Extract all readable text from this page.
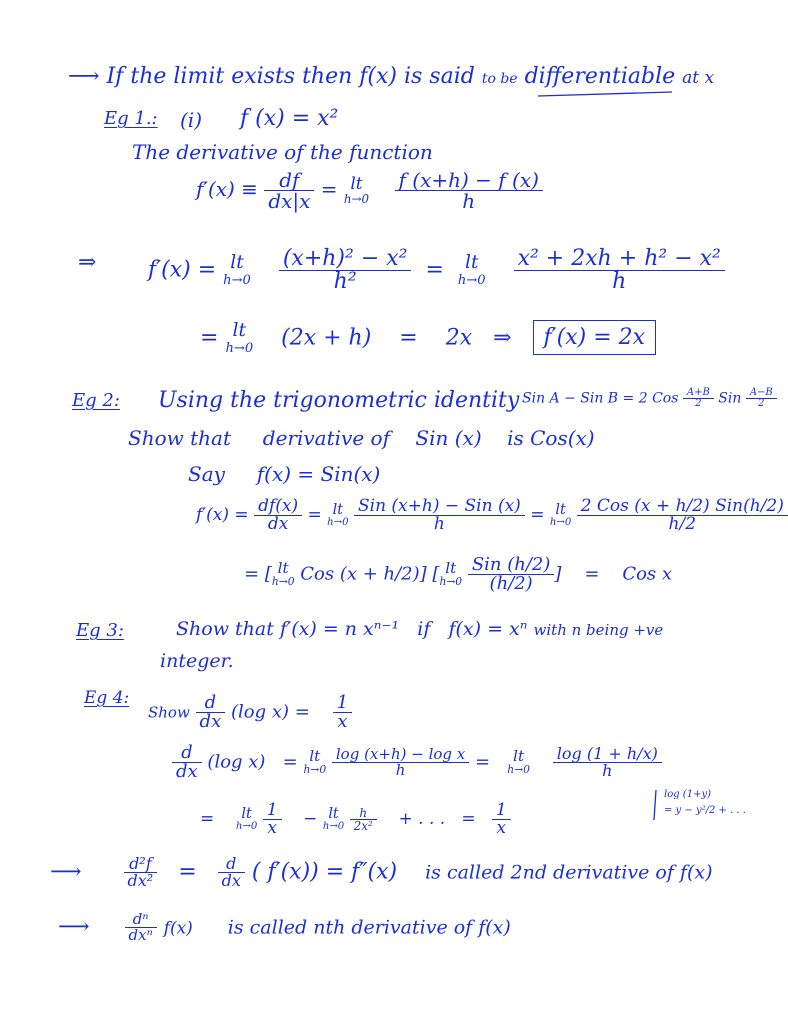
⟶ If the limit exists then f(x) is said to be differentiable at x
Eg 1.: (i) f (x) = x²
The derivative of the function
$f'(x) \equiv \frac{df}{dx|x}$ = lt
h→0
$\frac{f (x+h) - f (x)}{h}$
⇒ f′(x) = lt
h→0
$\frac{\text{(x+h)² − x²}}{\text{h²}}$ = lt
h→0
$\frac{\text{x² + 2xh + h² − x²}}{h}$
= lt
h→0 (2x + h) = 2x ⇒ f′(x) = 2x
Eg 2: Using the trigonometric identity Sin A − Sin B = 2 Cos $\frac{A+B}{2}$ Sin $\frac{A-B}{2}$
Show that derivative of Sin (x) is Cos(x)
Say f(x) = Sin(x)
$f'(x) = \frac{df(x)}{dx}$ = lt
h→0
$\frac{\text{Sin (x+h) − Sin (x)}}{h}$ = lt
h→0
$\frac{\text{2 Cos (x + h/2) Sin(h/2)}}{h/2}$
= [ lt
h→0 Cos (x + h/2)] [ lt
h→0
$\frac{\text{Sin (h/2)}}{(h/2)}$ ]    = Cos x
Eg 3:	Show that f′(x) = n xⁿ⁻¹ if f(x) = xⁿ with n being +ve
integer.
Eg 4:
Show $\frac{d}{dx} (\log$ $x) = \frac{1}{x}$
$\frac{d}{dx} (\log$ x) = lt
h→0
$\frac{\text{log (x+h) − log x}}{h}$ =	lt
h→0
$\frac{\log (1 + h/x)}{h}$
=	lt
h→0
$\frac{1}{x}$ − lt
h→0
$\frac{h}{\text{2x²}}$ + . . . = $\frac{1}{x}$
log (1+y)
= y − y²/2 + . . .
⟶	$\frac{\text{d²f}}{\text{dx²}} = \frac{d}{dx}$ ( f′(x)) = f″(x) is called 2nd derivative of f(x)
⟶ $\frac{\text{dⁿ}}{\text{dxⁿ}} f(x)$ is called nth derivative of f(x)
